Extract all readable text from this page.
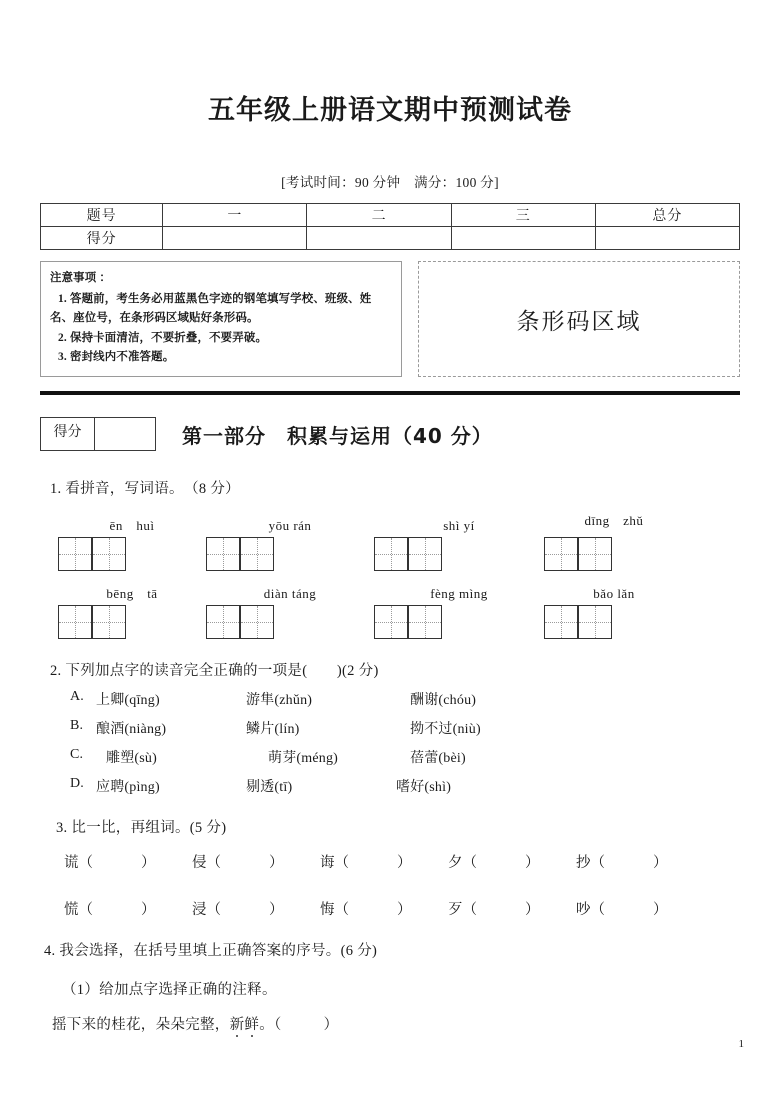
五年级上册语文期中预测试卷
[考试时间：90 分钟　满分：100 分]
题号	一	二	三	总分
得分				
注意事项 ：
1. 答题前，考生务必用蓝黑色字迹的钢笔填写学校、班级、姓名、座位号，在条形码区域贴好条形码。
2. 保持卡面清洁，不要折叠，不要弄破。
3. 密封线内不准答题。
条形码区域
得分	第一部分　积累与运用（40 分）
1. 看拼音，写词语。　（8 分）
ēn　huì	yōu rán	shì yí	dīng　zhǔ
bēng　tā	diàn táng	fèng mìng	bǎo lǎn
2. 下列加点字的读音完全正确的一项是(　　)(2 分)
A. 上卿(qīng)	游隼(zhǔn)	酬谢(chóu)
B. 酿酒(niàng)	鳞片(lín)	拗不过(niù)
C.	雕塑(sù)	萌芽(méng)	蓓蕾(bèi)
D. 应聘(pìng)	剔透(tī)	嗜好(shì)
3. 比一比，再组词。(5 分)
谎（	）	侵（	）	诲（	）	夕（	）	抄（	）
慌（	）	浸（	）	悔（	）	歹（	）	吵（	）
4. 我会选择，在括号里填上正确答案的序号。(6 分)
（1）给加点字选择正确的注释。
摇下来的桂花，朵朵完整，新鲜。（	）
1
